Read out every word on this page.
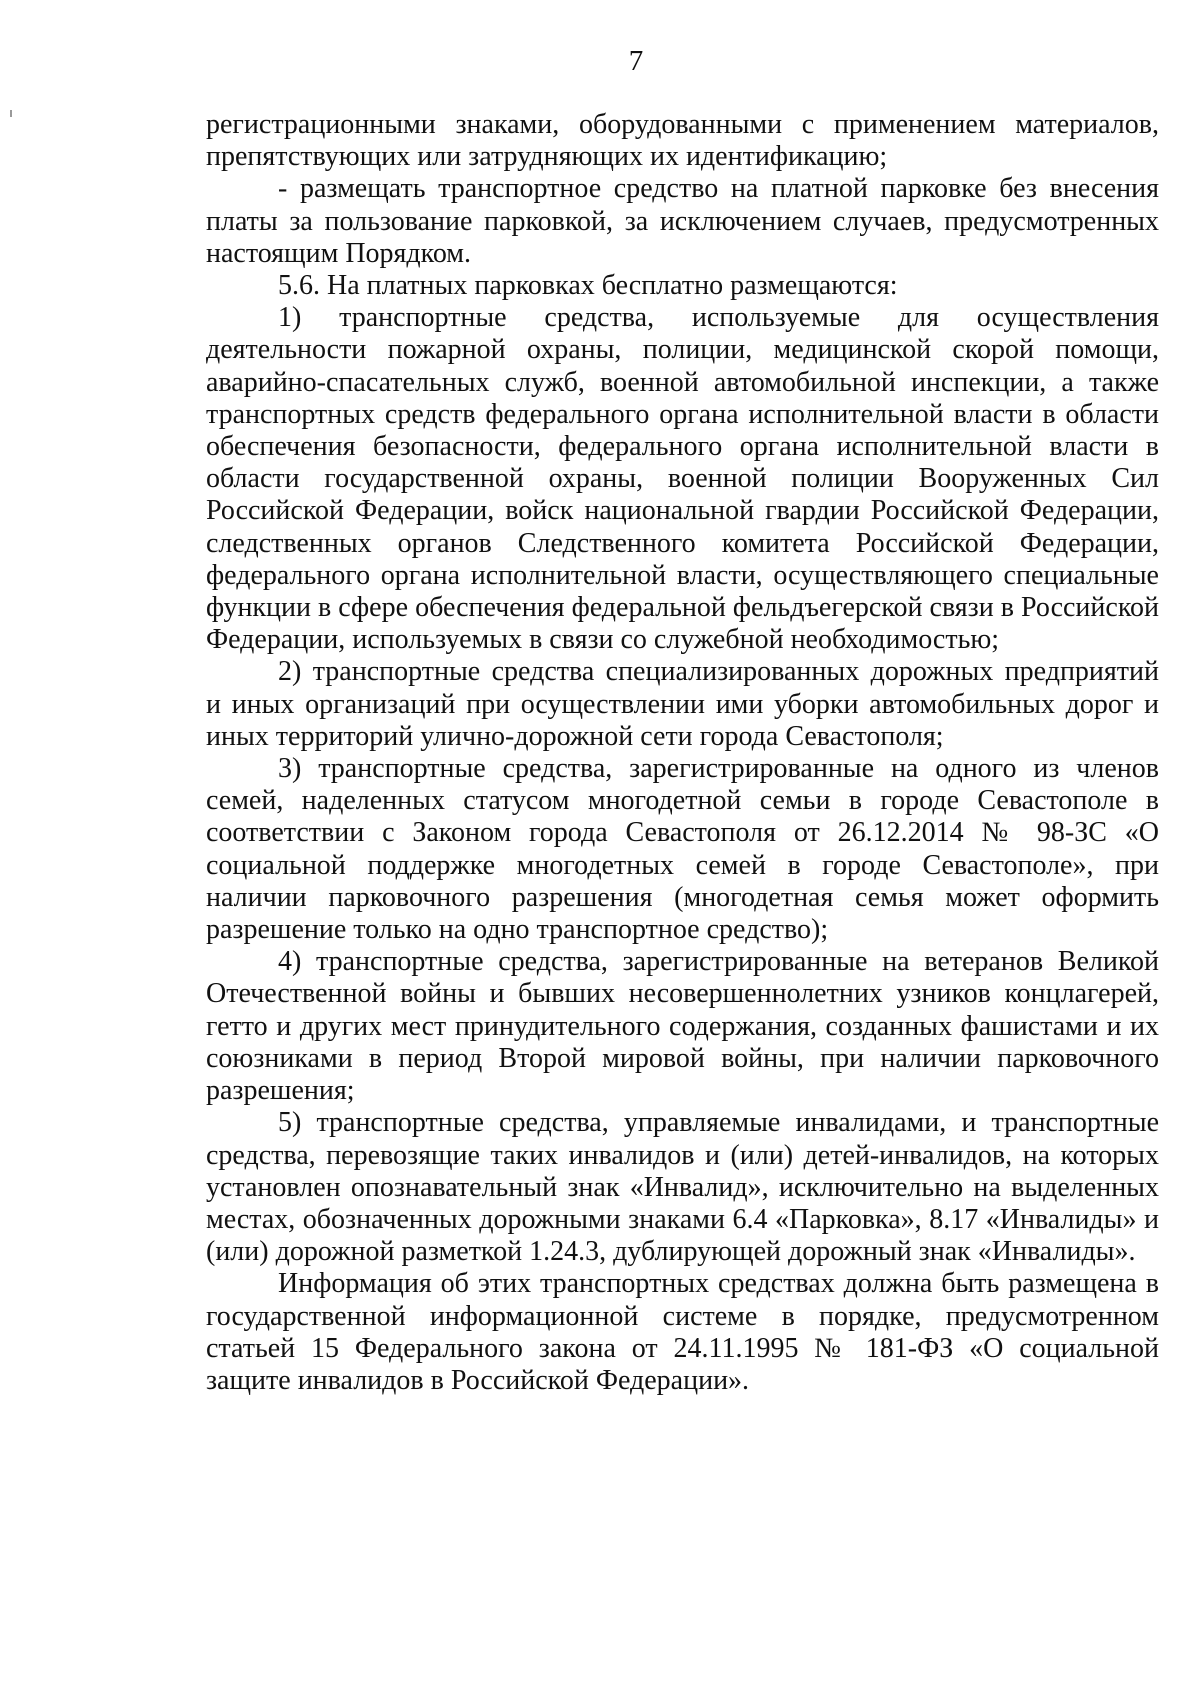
7

регистрационными знаками, оборудованными с применением материалов, препятствующих или затрудняющих их идентификацию;

- размещать транспортное средство на платной парковке без внесения платы за пользование парковкой, за исключением случаев, предусмотренных настоящим Порядком.

5.6. На платных парковках бесплатно размещаются:

1) транспортные средства, используемые для осуществления деятельности пожарной охраны, полиции, медицинской скорой помощи, аварийно-спасательных служб, военной автомобильной инспекции, а также транспортных средств федерального органа исполнительной власти в области обеспечения безопасности, федерального органа исполнительной власти в области государственной охраны, военной полиции Вооруженных Сил Российской Федерации, войск национальной гвардии Российской Федерации, следственных органов Следственного комитета Российской Федерации, федерального органа исполнительной власти, осуществляющего специальные функции в сфере обеспечения федеральной фельдъегерской связи в Российской Федерации, используемых в связи со служебной необходимостью;

2) транспортные средства специализированных дорожных предприятий и иных организаций при осуществлении ими уборки автомобильных дорог и иных территорий улично-дорожной сети города Севастополя;

3) транспортные средства, зарегистрированные на одного из членов семей, наделенных статусом многодетной семьи в городе Севастополе в соответствии с Законом города Севастополя от 26.12.2014 № 98-ЗС «О социальной поддержке многодетных семей в городе Севастополе», при наличии парковочного разрешения (многодетная семья может оформить разрешение только на одно транспортное средство);

4) транспортные средства, зарегистрированные на ветеранов Великой Отечественной войны и бывших несовершеннолетних узников концлагерей, гетто и других мест принудительного содержания, созданных фашистами и их союзниками в период Второй мировой войны, при наличии парковочного разрешения;

5) транспортные средства, управляемые инвалидами, и транспортные средства, перевозящие таких инвалидов и (или) детей-инвалидов, на которых установлен опознавательный знак «Инвалид», исключительно на выделенных местах, обозначенных дорожными знаками 6.4 «Парковка», 8.17 «Инвалиды» и (или) дорожной разметкой 1.24.3, дублирующей дорожный знак «Инвалиды».

Информация об этих транспортных средствах должна быть размещена в государственной информационной системе в порядке, предусмотренном статьей 15 Федерального закона от 24.11.1995 № 181-ФЗ «О социальной защите инвалидов в Российской Федерации».
